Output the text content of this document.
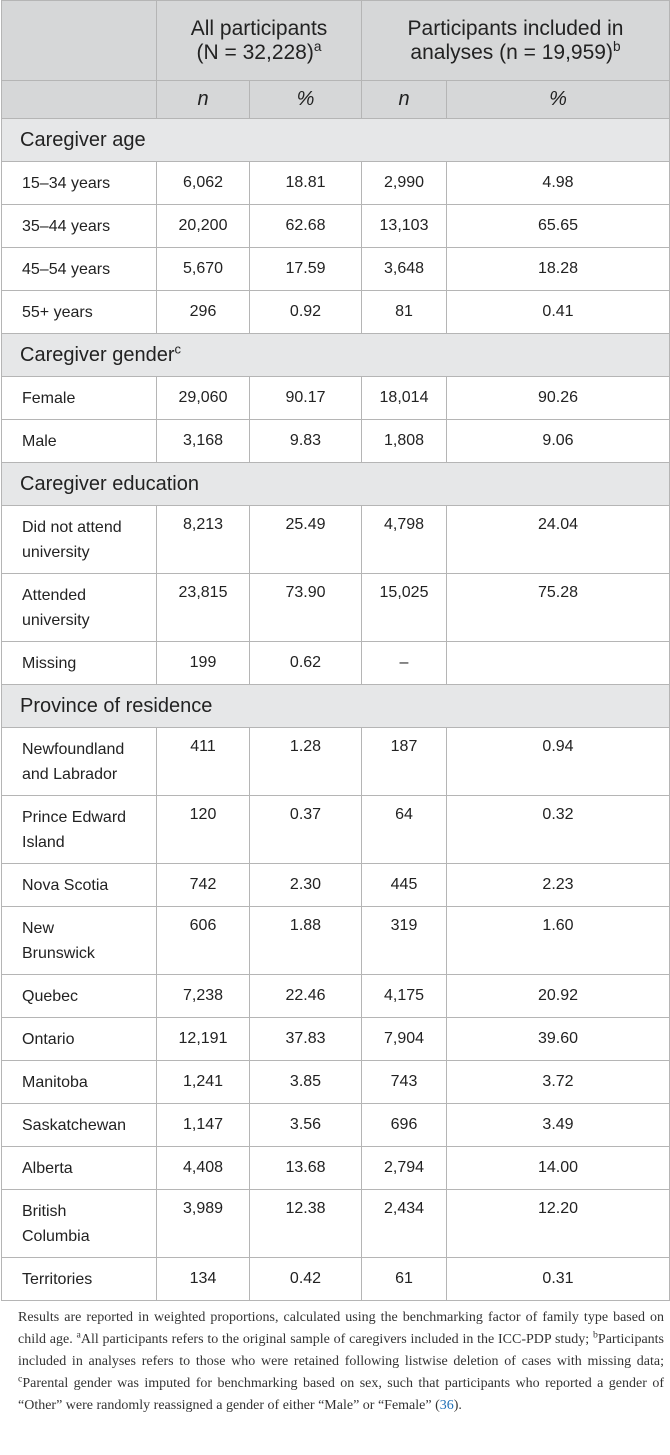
	All participants
(N = 32,228)$^a$		Participants included in
analyses (n = 19,959)$^b$
	n	%	n	%
Caregiver age				
15–34 years	6,062	18.81	2,990	4.98
35–44 years	20,200	62.68	13,103	65.65
45–54 years	5,670	17.59	3,648	18.28
55+ years	296	0.92	81	0.41
Caregiver gender$^c$
Female	29,060	90.17	18,014	90.26
Male	3,168	9.83	1,808	9.06
Caregiver education				
Did not attend
university	8,213	25.49	4,798	24.04
Attended
university	23,815	73.90	15,025	75.28
Missing	199	0.62	–	
Province of residence				
Newfoundland
and Labrador	411	1.28	187	0.94
Prince Edward
Island	120	0.37	64	0.32
Nova Scotia	742	2.30	445	2.23
New
Brunswick	606	1.88	319	1.60
Quebec	7,238	22.46	4,175	20.92
Ontario	12,191	37.83	7,904	39.60
Manitoba	1,241	3.85	743	3.72
Saskatchewan	1,147	3.56	696	3.49
Alberta	4,408	13.68	2,794	14.00
British
Columbia	3,989	12.38	2,434	12.20
Territories	134	0.42	61	0.31

Results are reported in weighted proportions, calculated using the benchmarking factor of family type based on child age. $^a$All participants refers to the original sample of caregivers included in the ICC-PDP study; $^b$Participants included in analyses refers to those who were retained following listwise deletion of cases with missing data; $^c$Parental gender was imputed for benchmarking based on sex, such that participants who reported a gender of “Other” were randomly reassigned a gender of either “Male” or “Female” (36).
